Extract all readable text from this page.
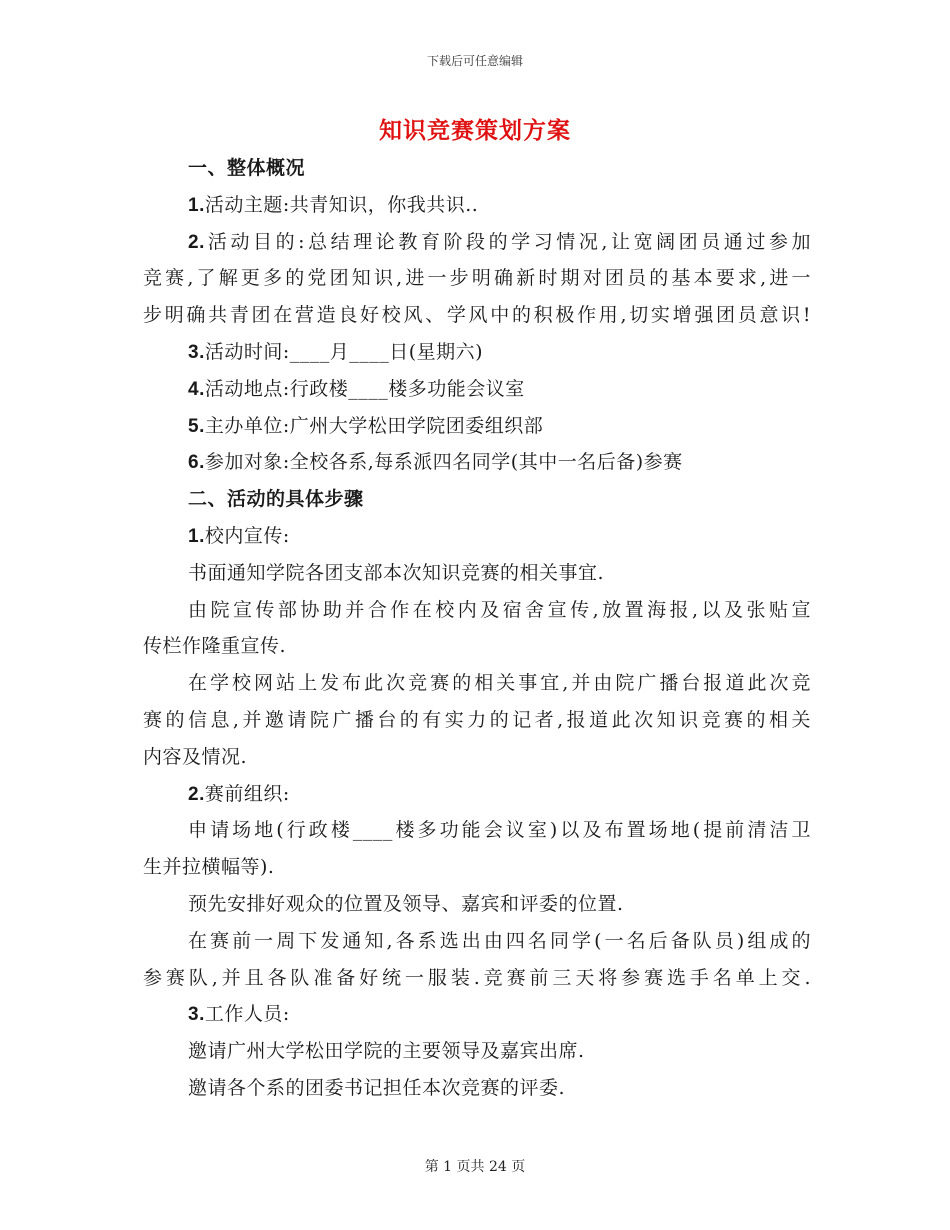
下载后可任意编辑
知识竞赛策划方案
一、整体概况
1.活动主题:共青知识，你我共识..
2.活动目的:总结理论教育阶段的学习情况,让宽阔团员通过参加
竞赛,了解更多的党团知识,进一步明确新时期对团员的基本要求,进一
步明确共青团在营造良好校风、学风中的积极作用,切实增强团员意识!
3.活动时间:____月____日(星期六)
4.活动地点:行政楼____楼多功能会议室
5.主办单位:广州大学松田学院团委组织部
6.参加对象:全校各系,每系派四名同学(其中一名后备)参赛
二、活动的具体步骤
1.校内宣传:
书面通知学院各团支部本次知识竞赛的相关事宜.
由院宣传部协助并合作在校内及宿舍宣传,放置海报,以及张贴宣
传栏作隆重宣传.
在学校网站上发布此次竞赛的相关事宜,并由院广播台报道此次竞
赛的信息,并邀请院广播台的有实力的记者,报道此次知识竞赛的相关
内容及情况.
2.赛前组织:
申请场地(行政楼____楼多功能会议室)以及布置场地(提前清洁卫
生并拉横幅等).
预先安排好观众的位置及领导、嘉宾和评委的位置.
在赛前一周下发通知,各系选出由四名同学(一名后备队员)组成的
参赛队,并且各队准备好统一服装.竞赛前三天将参赛选手名单上交.
3.工作人员:
邀请广州大学松田学院的主要领导及嘉宾出席.
邀请各个系的团委书记担任本次竞赛的评委.
第 1 页共 24 页
